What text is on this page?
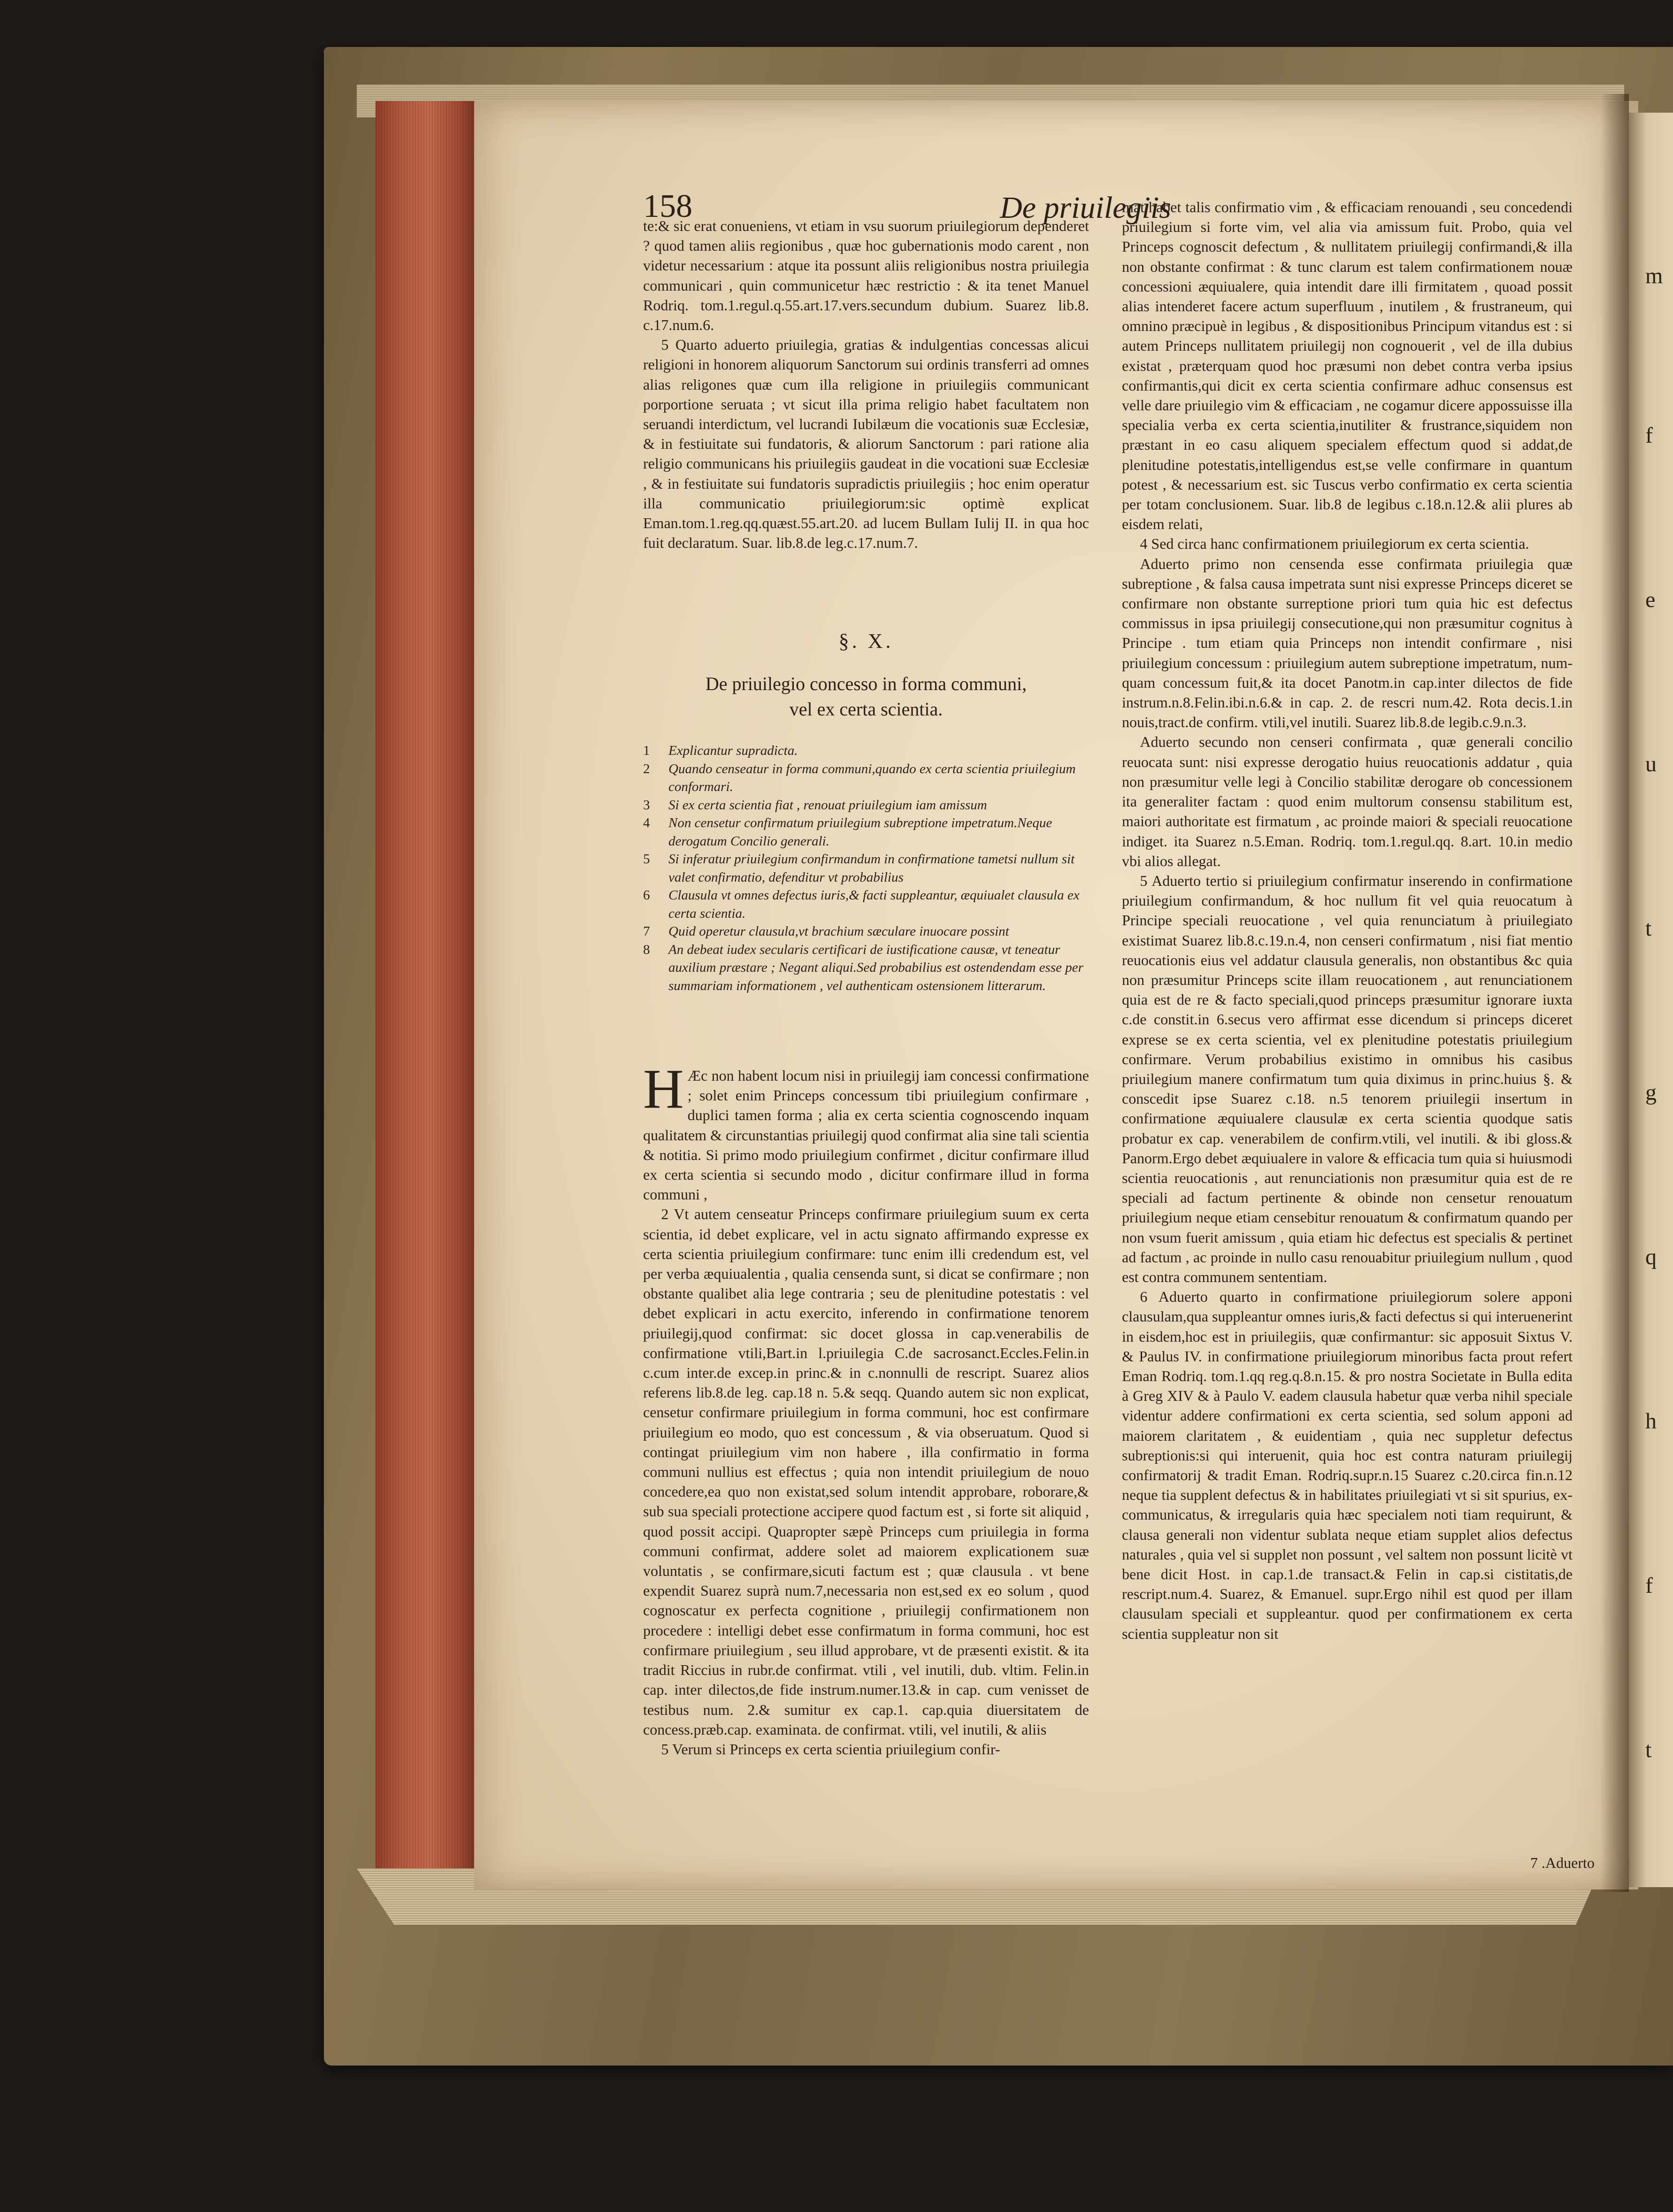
m
f
e
u
t
g
q
h
f
t
158	De priuilegiis

te:& sic erat conueniens, vt etiam in vsu suorum priuilegiorum dependeret ? quod tamen aliis regionibus , quæ hoc gubernationis modo carent , non videtur necessarium : atque ita possunt aliis religionibus nostra priuilegia communicari , quin communicetur hæc restrictio : & ita tenet Manuel Rodriq. tom.1.regul.q.55.art.17.vers.secundum dubium. Suarez lib.8. c.17.num.6.

5 Quarto aduerto priuilegia, gratias & indulgentias concessas alicui religioni in honorem aliquorum Sanctorum sui ordinis transferri ad omnes alias religones quæ cum illa religione in priuilegiis communicant porportione seruata ; vt sicut illa prima religio habet facultatem non seruandi interdictum, vel lucrandi Iubilæum die vocationis suæ Ecclesiæ, & in festiuitate sui fundatoris, & aliorum Sanctorum : pari ratione alia religio communicans his priuilegiis gaudeat in die vocationi suæ Ecclesiæ , & in festiuitate sui fundatoris supradictis priuilegiis ; hoc enim operatur illa communicatio priuilegiorum:sic optimè explicat Eman.tom.1.reg.qq.quæst.55.art.20. ad lucem Bullam Iulij II. in qua hoc fuit declaratum. Suar. lib.8.de leg.c.17.num.7.

§. X.
De priuilegio concesso in forma communi,
vel ex certa scientia.
1	Explicantur supradicta.
2	Quando censeatur in forma communi,quando ex certa scientia priuilegium conformari.
3	Si ex certa scientia fiat , renouat priuilegium iam amissum
4	Non censetur confirmatum priuilegium subreptione impetratum.Neque derogatum Concilio generali.
5	Si inferatur priuilegium confirmandum in confirmatione tametsi nullum sit valet confirmatio, defenditur vt probabilius
6	Clausula vt omnes defectus iuris,& facti suppleantur, æquiualet clausula ex certa scientia.
7	Quid operetur clausula,vt brachium sæculare inuocare possint
8	An debeat iudex secularis certificari de iustificatione causæ, vt teneatur auxilium præstare ; Negant aliqui.Sed probabilius est ostendendam esse per summariam informationem , vel authenticam ostensionem litterarum.

H Æc non habent locum nisi in priuilegij iam concessi confirmatione ; solet enim Princeps concessum tibi priuilegium confirmare , duplici tamen forma ; alia ex certa scientia cognoscendo inquam qualitatem & circunstantias priuilegij quod confirmat alia sine tali scientia & notitia. Si primo modo priuilegium confirmet , dicitur confirmare illud ex certa scientia si secundo modo , dicitur confirmare illud in forma communi ,

2 Vt autem censeatur Princeps confirmare priuilegium suum ex certa scientia, id debet explicare, vel in actu signato affirmando expresse ex certa scientia priuilegium confirmare: tunc enim illi credendum est, vel per verba æquiualentia , qualia censenda sunt, si dicat se confirmare ; non obstante qualibet alia lege contraria ; seu de plenitudine potestatis : vel debet explicari in actu exercito, inferendo in confirmatione tenorem priuilegij,quod confirmat: sic docet glossa in cap.venerabilis de confirmatione vtili,Bart.in l.priuilegia C.de sacrosanct.Eccles.Felin.in c.cum inter.de excep.in princ.& in c.nonnulli de rescript. Suarez alios referens lib.8.de leg. cap.18 n. 5.& seqq. Quando autem sic non explicat, censetur confirmare priuilegium in forma communi, hoc est confirmare priuilegium eo modo, quo est concessum , & via obseruatum. Quod si contingat priuilegium vim non habere , illa confirmatio in forma communi nullius est effectus ; quia non intendit priuilegium de nouo concedere,ea quo non existat,sed solum intendit approbare, roborare,& sub sua speciali protectione accipere quod factum est , si forte sit aliquid , quod possit accipi. Quapropter sæpè Princeps cum priuilegia in forma communi confirmat, addere solet ad maiorem explicationem suæ voluntatis , se confirmare,sicuti factum est ; quæ clausula . vt bene expendit Suarez suprà num.7,necessaria non est,sed ex eo solum , quod cognoscatur ex perfecta cognitione , priuilegij confirmationem non procedere : intelligi debet esse confirmatum in forma communi, hoc est confirmare priuilegium , seu illud approbare, vt de præsenti existit. & ita tradit Riccius in rubr.de confirmat. vtili , vel inutili, dub. vltim. Felin.in cap. inter dilectos,de fide instrum.numer.13.& in cap. cum venisset de testibus num. 2.& sumitur ex cap.1. cap.quia diuersitatem de concess.præb.cap. examinata. de confirmat. vtili, vel inutili, & aliis

5 Verum si Princeps ex certa scientia priuilegium confir-

mat habet talis confirmatio vim , & efficaciam renouandi , seu concedendi priuilegium si forte vim, vel alia via amissum fuit. Probo, quia vel Princeps cognoscit defectum , & nullitatem priuilegij confirmandi,& illa non obstante confirmat : & tunc clarum est talem confirmationem nouæ concessioni æquiualere, quia intendit dare illi firmitatem , quoad possit alias intenderet facere actum superfluum , inutilem , & frustraneum, qui omnino præcipuè in legibus , & dispositionibus Principum vitandus est : si autem Princeps nullitatem priuilegij non cognouerit , vel de illa dubius existat , præterquam quod hoc præsumi non debet contra verba ipsius confirmantis,qui dicit ex certa scientia confirmare adhuc consensus est velle dare priuilegio vim & efficaciam , ne cogamur dicere appossuisse illa specialia verba ex certa scientia,inutiliter & frustrance,siquidem non præstant in eo casu aliquem specialem effectum quod si addat,de plenitudine potestatis,intelligendus est,se velle confirmare in quantum potest , & necessarium est. sic Tuscus verbo confirmatio ex certa scientia per totam conclusionem. Suar. lib.8 de legibus c.18.n.12.& alii plures ab eisdem relati,

4 Sed circa hanc confirmationem priuilegiorum ex certa scientia.

Aduerto primo non censenda esse confirmata priuilegia quæ subreptione , & falsa causa impetrata sunt nisi expresse Princeps diceret se confirmare non obstante surreptione priori tum quia hic est defectus commissus in ipsa priuilegij consecutione,qui non præsumitur cognitus à Principe . tum etiam quia Princeps non intendit confirmare , nisi priuilegium concessum : priuilegium autem subreptione impetratum, numquam concessum fuit,& ita docet Panotm.in cap.inter dilectos de fide instrum.n.8.Felin.ibi.n.6.& in cap. 2. de rescri num.42. Rota decis.1.in nouis,tract.de confirm. vtili,vel inutili. Suarez lib.8.de legib.c.9.n.3.

Aduerto secundo non censeri confirmata , quæ generali concilio reuocata sunt: nisi expresse derogatio huius reuocationis addatur , quia non præsumitur velle legi à Concilio stabilitæ derogare ob concessionem ita generaliter factam : quod enim multorum consensu stabilitum est, maiori authoritate est firmatum , ac proinde maiori & speciali reuocatione indiget. ita Suarez n.5.Eman. Rodriq. tom.1.regul.qq. 8.art. 10.in medio vbi alios allegat.

5 Aduerto tertio si priuilegium confirmatur inserendo in confirmatione priuilegium confirmandum, & hoc nullum fit vel quia reuocatum à Principe speciali reuocatione , vel quia renunciatum à priuilegiato existimat Suarez lib.8.c.19.n.4, non censeri confirmatum , nisi fiat mentio reuocationis eius vel addatur clausula generalis, non obstantibus &c quia non præsumitur Princeps scite illam reuocationem , aut renunciationem quia est de re & facto speciali,quod princeps præsumitur ignorare iuxta c.de constit.in 6.secus vero affirmat esse dicendum si princeps diceret exprese se ex certa scientia, vel ex plenitudine potestatis priuilegium confirmare. Verum probabilius existimo in omnibus his casibus priuilegium manere confirmatum tum quia diximus in princ.huius §. & conscedit ipse Suarez c.18. n.5 tenorem priuilegii insertum in confirmatione æquiualere clausulæ ex certa scientia quodque satis probatur ex cap. venerabilem de confirm.vtili, vel inutili. & ibi gloss.& Panorm.Ergo debet æquiualere in valore & efficacia tum quia si huiusmodi scientia reuocationis , aut renunciationis non præsumitur quia est de re speciali ad factum pertinente & obinde non censetur renouatum priuilegium neque etiam censebitur renouatum & confirmatum quando per non vsum fuerit amissum , quia etiam hic defectus est specialis & pertinet ad factum , ac proinde in nullo casu renouabitur priuilegium nullum , quod est contra communem sententiam.

6 Aduerto quarto in confirmatione priuilegiorum solere apponi clausulam,qua suppleantur omnes iuris,& facti defectus si qui interuenerint in eisdem,hoc est in priuilegiis, quæ confirmantur: sic apposuit Sixtus V. & Paulus IV. in confirmatione priuilegiorum minoribus facta prout refert Eman Rodriq. tom.1.qq reg.q.8.n.15. & pro nostra Societate in Bulla edita à Greg XIV & à Paulo V. eadem clausula habetur quæ verba nihil speciale videntur addere confirmationi ex certa scientia, sed solum apponi ad maiorem claritatem , & euidentiam , quia nec suppletur defectus subreptionis:si qui interuenit, quia hoc est contra naturam priuilegij confirmatorij & tradit Eman. Rodriq.supr.n.15 Suarez c.20.circa fin.n.12 neque tia supplent defectus & in habilitates priuilegiati vt si sit spurius, excommunicatus, & irregularis quia hæc specialem noti tiam requirunt, & clausa generali non videntur sublata neque etiam supplet alios defectus naturales , quia vel si supplet non possunt , vel saltem non possunt licitè vt bene dicit Host. in cap.1.de transact.& Felin in cap.si cistitatis,de rescript.num.4. Suarez, & Emanuel. supr.Ergo nihil est quod per illam clausulam speciali et suppleantur. quod per confirmationem ex certa scientia suppleatur non sit

7 .Aduerto
